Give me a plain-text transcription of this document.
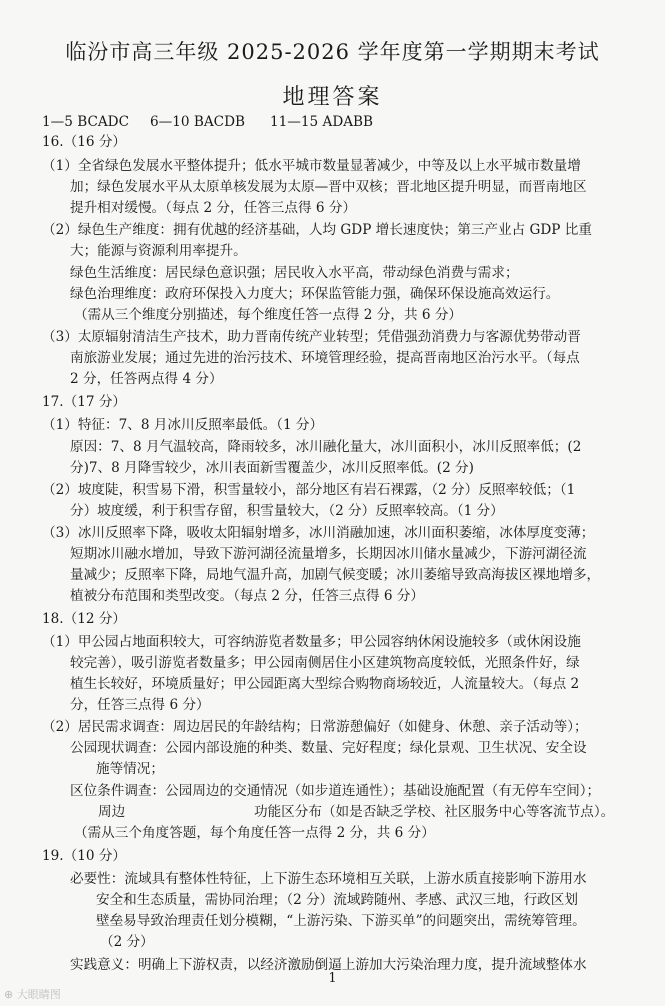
临汾市高三年级 2025-2026 学年度第一学期期末考试
地理答案
1—5 BCADC 6—10 BACDB 11—15 ADABB
16.（16 分）
（1）全省绿色发展水平整体提升；低水平城市数量显著减少，中等及以上水平城市数量增
加；绿色发展水平从太原单核发展为太原—晋中双核；晋北地区提升明显，而晋南地区
提升相对缓慢。（每点 2 分，任答三点得 6 分）
（2）绿色生产维度：拥有优越的经济基础，人均 GDP 增长速度快；第三产业占 GDP 比重
大；能源与资源利用率提升。
绿色生活维度：居民绿色意识强；居民收入水平高，带动绿色消费与需求；
绿色治理维度：政府环保投入力度大；环保监管能力强，确保环保设施高效运行。
（需从三个维度分别描述，每个维度任答一点得 2 分，共 6 分）
（3）太原辐射清洁生产技术，助力晋南传统产业转型；凭借强劲消费力与客源优势带动晋
南旅游业发展；通过先进的治污技术、环境管理经验，提高晋南地区治污水平。（每点
2 分，任答两点得 4 分）
17.（17 分）
（1）特征：7、8 月冰川反照率最低。（1 分）
原因：7、8 月气温较高，降雨较多，冰川融化量大，冰川面积小，冰川反照率低；(2
分)7、8 月降雪较少，冰川表面新雪覆盖少，冰川反照率低。(2 分)
（2）坡度陡，积雪易下滑，积雪量较小，部分地区有岩石裸露，（2 分）反照率较低；（1
分）坡度缓，利于积雪存留，积雪量较大，（2 分）反照率较高。（1 分）
（3）冰川反照率下降，吸收太阳辐射增多，冰川消融加速，冰川面积萎缩，冰体厚度变薄；
短期冰川融水增加，导致下游河湖径流量增多，长期因冰川储水量减少，下游河湖径流
量减少；反照率下降，局地气温升高，加剧气候变暖；冰川萎缩导致高海拔区裸地增多，
植被分布范围和类型改变。（每点 2 分，任答三点得 6 分）
18.（12 分）
（1）甲公园占地面积较大，可容纳游览者数量多；甲公园容纳休闲设施较多（或休闲设施
较完善），吸引游览者数量多；甲公园南侧居住小区建筑物高度较低，光照条件好，绿
植生长较好，环境质量好；甲公园距离大型综合购物商场较近，人流量较大。（每点 2
分，任答三点得 6 分）
（2）居民需求调查：周边居民的年龄结构；日常游憩偏好（如健身、休憩、亲子活动等）；
公园现状调查：公园内部设施的种类、数量、完好程度；绿化景观、卫生状况、安全设
施等情况；
区位条件调查：公园周边的交通情况（如步道连通性）；基础设施配置（有无停车空间）；
周边	功能区分布（如是否缺乏学校、社区服务中心等客流节点）。
（需从三个角度答题，每个角度任答一点得 2 分，共 6 分）
19.（10 分）
必要性：流域具有整体性特征，上下游生态环境相互关联，上游水质直接影响下游用水
安全和生态质量，需协同治理；（2 分）流域跨随州、孝感、武汉三地，行政区划
壁垒易导致治理责任划分模糊，“上游污染、下游买单”的问题突出，需统筹管理。
（2 分）
实践意义：明确上下游权责，以经济激励倒逼上游加大污染治理力度，提升流域整体水
1
⊕ 大眼睛图
